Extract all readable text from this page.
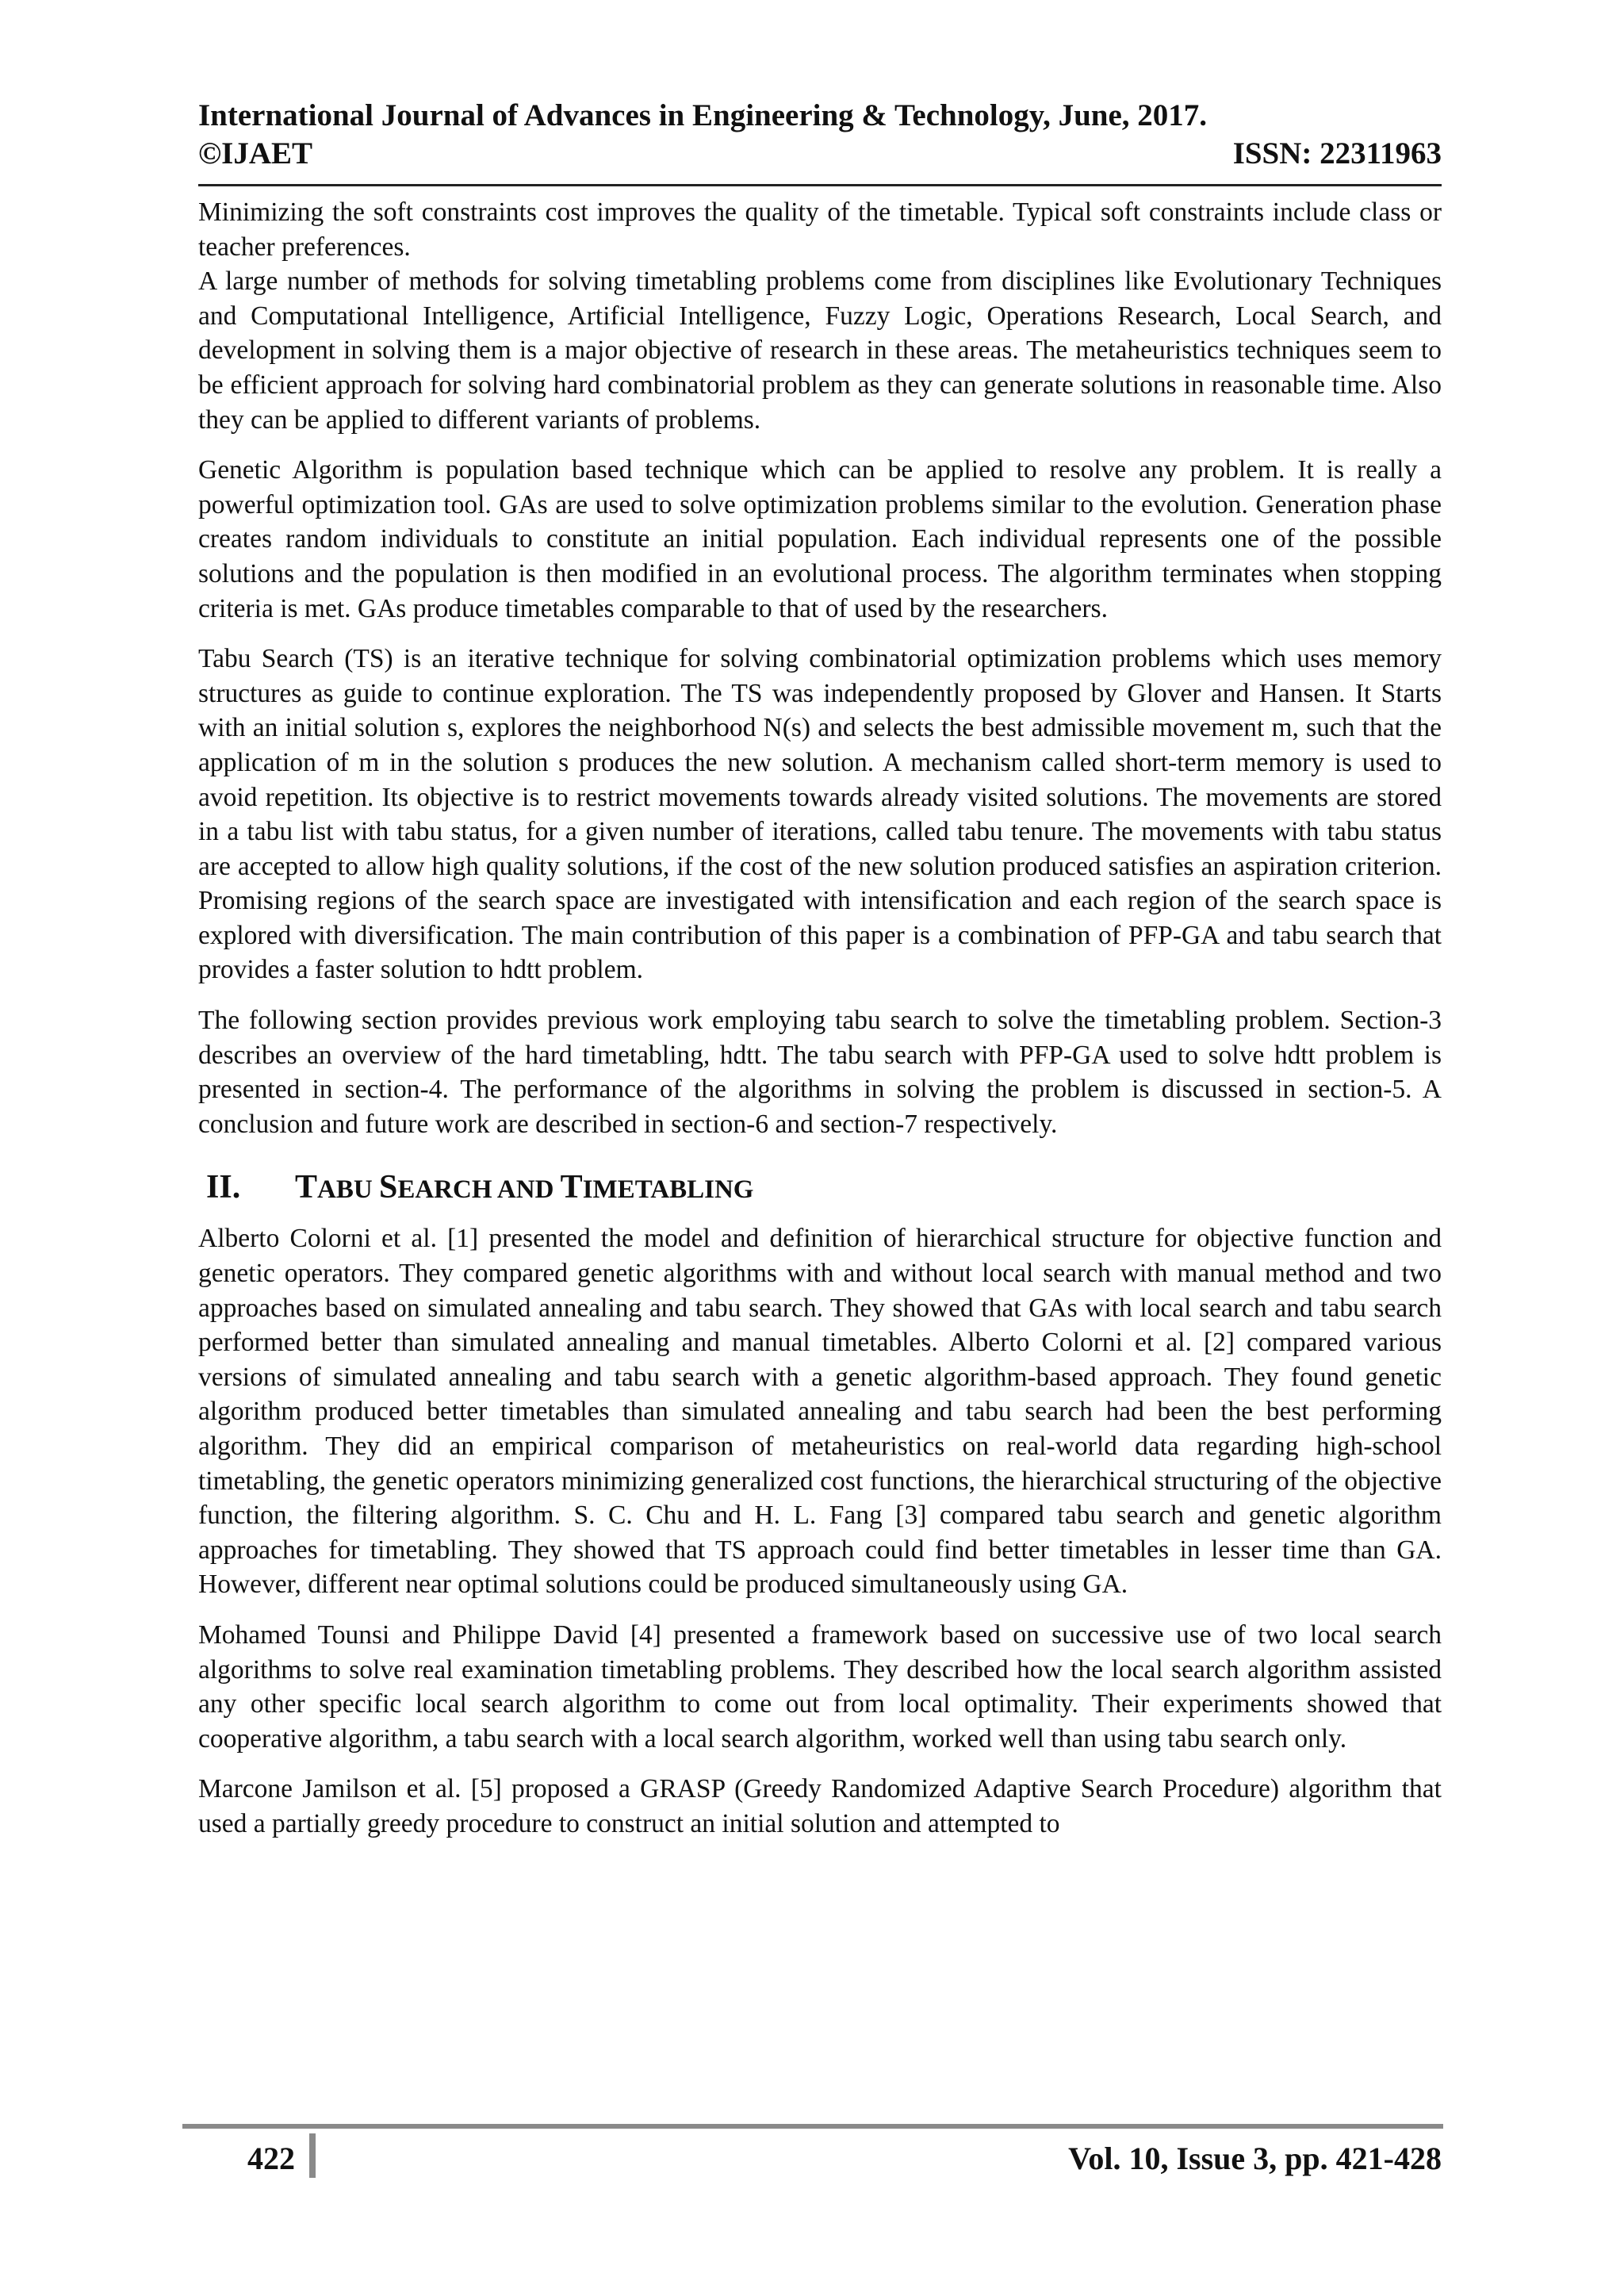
International Journal of Advances in Engineering & Technology, June, 2017.
©IJAET	ISSN: 22311963

Minimizing the soft constraints cost improves the quality of the timetable. Typical soft constraints include class or teacher preferences.

A large number of methods for solving timetabling problems come from disciplines like Evolutionary Techniques and Computational Intelligence, Artificial Intelligence, Fuzzy Logic, Operations Research, Local Search, and development in solving them is a major objective of research in these areas. The metaheuristics techniques seem to be efficient approach for solving hard combinatorial problem as they can generate solutions in reasonable time. Also they can be applied to different variants of problems.

Genetic Algorithm is population based technique which can be applied to resolve any problem. It is really a powerful optimization tool. GAs are used to solve optimization problems similar to the evolution. Generation phase creates random individuals to constitute an initial population. Each individual represents one of the possible solutions and the population is then modified in an evolutional process. The algorithm terminates when stopping criteria is met. GAs produce timetables comparable to that of used by the researchers.

Tabu Search (TS) is an iterative technique for solving combinatorial optimization problems which uses memory structures as guide to continue exploration. The TS was independently proposed by Glover and Hansen. It Starts with an initial solution s, explores the neighborhood N(s) and selects the best admissible movement m, such that the application of m in the solution s produces the new solution. A mechanism called short-term memory is used to avoid repetition. Its objective is to restrict movements towards already visited solutions. The movements are stored in a tabu list with tabu status, for a given number of iterations, called tabu tenure. The movements with tabu status are accepted to allow high quality solutions, if the cost of the new solution produced satisfies an aspiration criterion. Promising regions of the search space are investigated with intensification and each region of the search space is explored with diversification. The main contribution of this paper is a combination of PFP-GA and tabu search that provides a faster solution to hdtt problem.

The following section provides previous work employing tabu search to solve the timetabling problem. Section-3 describes an overview of the hard timetabling, hdtt. The tabu search with PFP-GA used to solve hdtt problem is presented in section-4. The performance of the algorithms in solving the problem is discussed in section-5. A conclusion and future work are described in section-6 and section-7 respectively.

II.	TABU SEARCH AND TIMETABLING

Alberto Colorni et al. [1] presented the model and definition of hierarchical structure for objective function and genetic operators. They compared genetic algorithms with and without local search with manual method and two approaches based on simulated annealing and tabu search. They showed that GAs with local search and tabu search performed better than simulated annealing and manual timetables. Alberto Colorni et al. [2] compared various versions of simulated annealing and tabu search with a genetic algorithm-based approach. They found genetic algorithm produced better timetables than simulated annealing and tabu search had been the best performing algorithm. They did an empirical comparison of metaheuristics on real-world data regarding high-school timetabling, the genetic operators minimizing generalized cost functions, the hierarchical structuring of the objective function, the filtering algorithm. S. C. Chu and H. L. Fang [3] compared tabu search and genetic algorithm approaches for timetabling. They showed that TS approach could find better timetables in lesser time than GA. However, different near optimal solutions could be produced simultaneously using GA.

Mohamed Tounsi and Philippe David [4] presented a framework based on successive use of two local search algorithms to solve real examination timetabling problems. They described how the local search algorithm assisted any other specific local search algorithm to come out from local optimality. Their experiments showed that cooperative algorithm, a tabu search with a local search algorithm, worked well than using tabu search only.

Marcone Jamilson et al. [5] proposed a GRASP (Greedy Randomized Adaptive Search Procedure) algorithm that used a partially greedy procedure to construct an initial solution and attempted to

422	Vol. 10, Issue 3, pp. 421-428
